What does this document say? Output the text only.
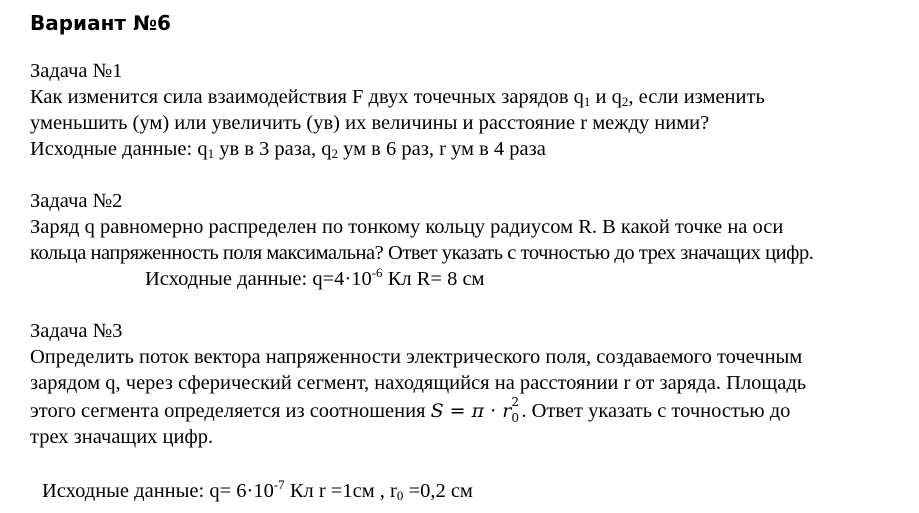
Вариант №6

Задача №1

Как изменится сила взаимодействия F двух точечных зарядов $q_1$ и $q_2$, если изменить

уменьшить (ум) или увеличить (ув) их величины и расстояние r между ними?

Исходные данные: $q_1$ ув в 3 раза, $q_2$ ум в 6 раз, r ум в 4 раза

Задача №2

Заряд q равномерно распределен по тонкому кольцу радиусом R. В какой точке на оси

кольца напряженность поля максимальна? Ответ указать с точностью до трех значащих цифр.

Исходные данные: $q=4\cdot 10^{-6}$ Кл R= 8 см

Задача №3

Определить поток вектора напряженности электрического поля, создаваемого точечным

зарядом q, через сферический сегмент, находящийся на расстоянии r от заряда. Площадь

этого сегмента определяется из соотношения S = π · r 2
0 . Ответ указать с точностью до

трех значащих цифр.

Исходные данные: $q= 6\cdot 10^{-7}$ Кл r =1см , $r_0 =0,2$ см
